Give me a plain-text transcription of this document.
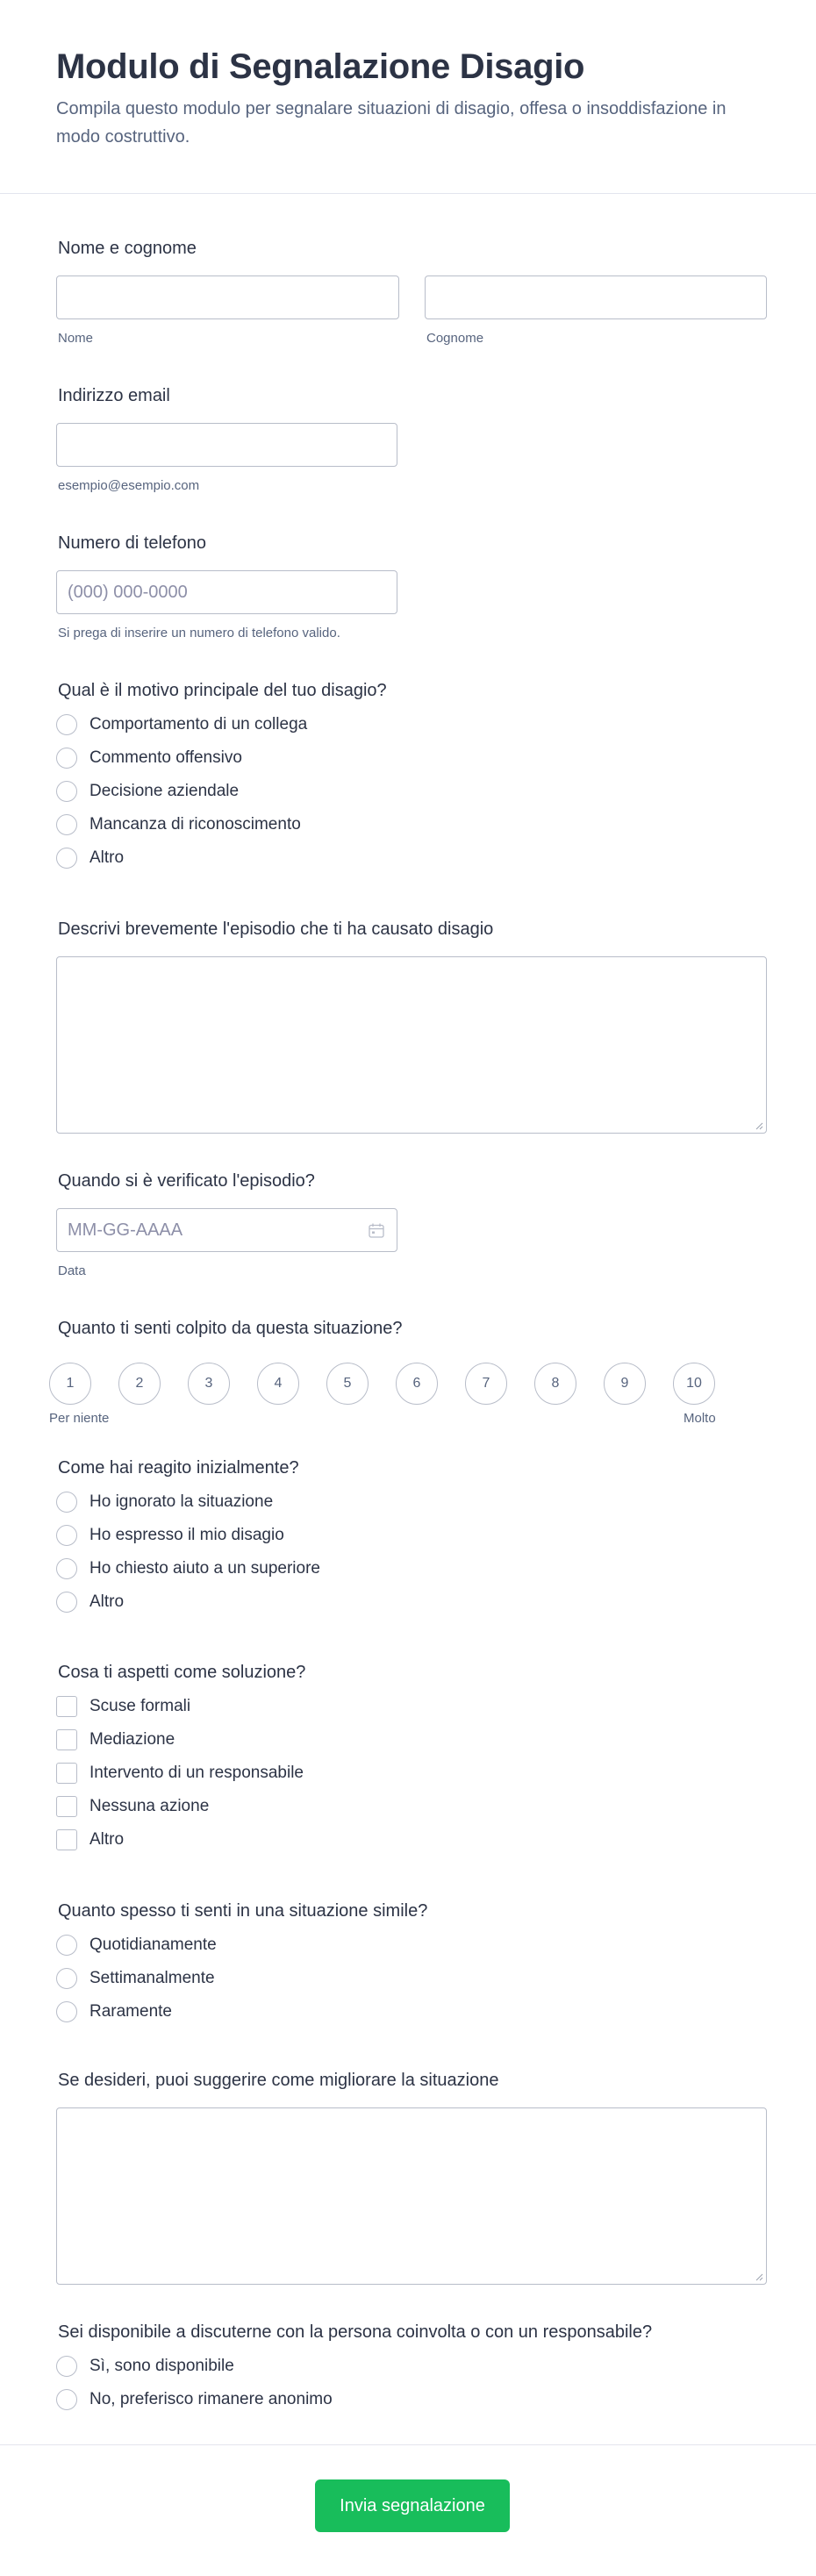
Modulo di Segnalazione Disagio

Compila questo modulo per segnalare situazioni di disagio, offesa o insoddisfazione in modo costruttivo.

Nome e cognome
Nome	Cognome
Indirizzo email
esempio@esempio.com
Numero di telefono
(000) 000-0000
Si prega di inserire un numero di telefono valido.
Qual è il motivo principale del tuo disagio?
Comportamento di un collega
Commento offensivo
Decisione aziendale
Mancanza di riconoscimento
Altro
Descrivi brevemente l'episodio che ti ha causato disagio
Quando si è verificato l'episodio?
MM-GG-AAAA
Data
Quanto ti senti colpito da questa situazione?
1	2	3	4	5	6	7	8	9	10
Per niente	Molto
Come hai reagito inizialmente?
Ho ignorato la situazione
Ho espresso il mio disagio
Ho chiesto aiuto a un superiore
Altro
Cosa ti aspetti come soluzione?
Scuse formali
Mediazione
Intervento di un responsabile
Nessuna azione
Altro
Quanto spesso ti senti in una situazione simile?
Quotidianamente
Settimanalmente
Raramente
Se desideri, puoi suggerire come migliorare la situazione
Sei disponibile a discuterne con la persona coinvolta o con un responsabile?
Sì, sono disponibile
No, preferisco rimanere anonimo
Invia segnalazione
